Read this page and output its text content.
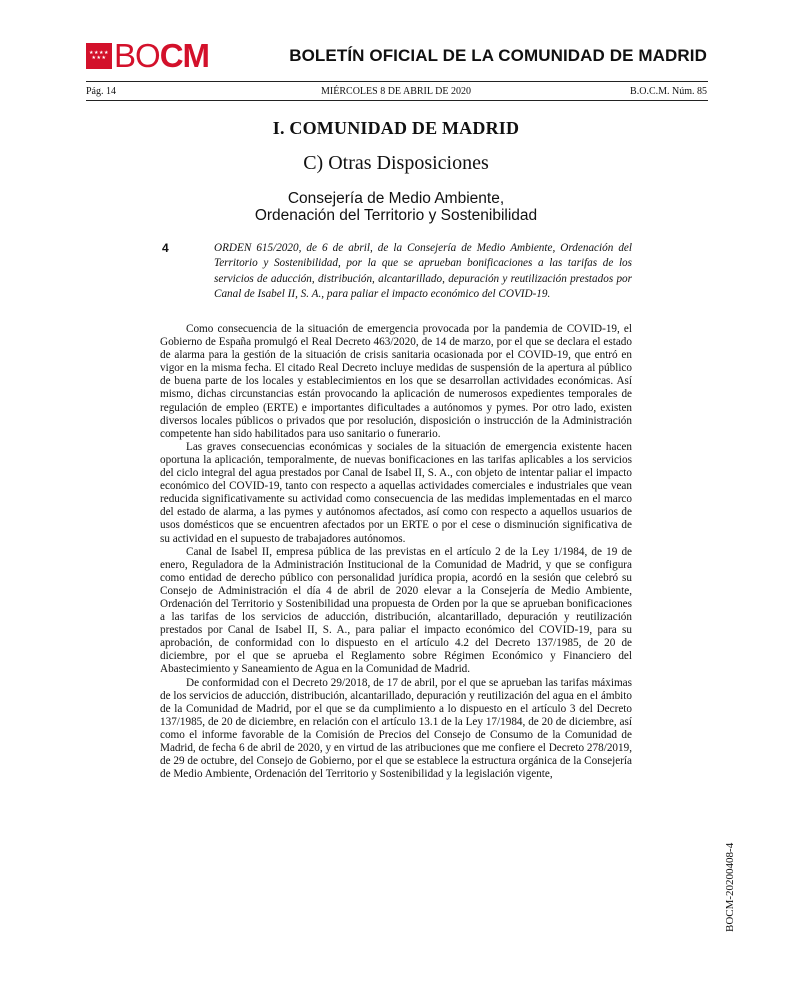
★★★★ ★★★ BOCM	BOLETÍN OFICIAL DE LA COMUNIDAD DE MADRID
Pág. 14	MIÉRCOLES 8 DE ABRIL DE 2020	B.O.C.M. Núm. 85
I. COMUNIDAD DE MADRID
C) Otras Disposiciones
Consejería de Medio Ambiente,
Ordenación del Territorio y Sostenibilidad
4	ORDEN 615/2020, de 6 de abril, de la Consejería de Medio Ambiente, Ordenación del Territorio y Sostenibilidad, por la que se aprueban bonificaciones a las tarifas de los servicios de aducción, distribución, alcantarillado, depuración y reutilización prestados por Canal de Isabel II, S. A., para paliar el impacto económico del COVID-19.

Como consecuencia de la situación de emergencia provocada por la pandemia de COVID-19, el Gobierno de España promulgó el Real Decreto 463/2020, de 14 de marzo, por el que se declara el estado de alarma para la gestión de la situación de crisis sanitaria ocasionada por el COVID-19, que entró en vigor en la misma fecha. El citado Real Decreto incluye medidas de suspensión de la apertura al público de buena parte de los locales y establecimientos en los que se desarrollan actividades económicas. Así mismo, dichas circunstancias están provocando la aplicación de numerosos expedientes temporales de regulación de empleo (ERTE) e importantes dificultades a autónomos y pymes. Por otro lado, existen diversos locales públicos o privados que por resolución, disposición o instrucción de la Administración competente han sido habilitados para uso sanitario o funerario.

Las graves consecuencias económicas y sociales de la situación de emergencia existente hacen oportuna la aplicación, temporalmente, de nuevas bonificaciones en las tarifas aplicables a los servicios del ciclo integral del agua prestados por Canal de Isabel II, S. A., con objeto de intentar paliar el impacto económico del COVID-19, tanto con respecto a aquellas actividades comerciales e industriales que vean reducida significativamente su actividad como consecuencia de las medidas implementadas en el marco del estado de alarma, a las pymes y autónomos afectados, así como con respecto a aquellos usuarios de usos domésticos que se encuentren afectados por un ERTE o por el cese o disminución significativa de su actividad en el supuesto de trabajadores autónomos.

Canal de Isabel II, empresa pública de las previstas en el artículo 2 de la Ley 1/1984, de 19 de enero, Reguladora de la Administración Institucional de la Comunidad de Madrid, y que se configura como entidad de derecho público con personalidad jurídica propia, acordó en la sesión que celebró su Consejo de Administración el día 4 de abril de 2020 elevar a la Consejería de Medio Ambiente, Ordenación del Territorio y Sostenibilidad una propuesta de Orden por la que se aprueban bonificaciones a las tarifas de los servicios de aducción, distribución, alcantarillado, depuración y reutilización prestados por Canal de Isabel II, S. A., para paliar el impacto económico del COVID-19, para su aprobación, de conformidad con lo dispuesto en el artículo 4.2 del Decreto 137/1985, de 20 de diciembre, por el que se aprueba el Reglamento sobre Régimen Económico y Financiero del Abastecimiento y Saneamiento de Agua en la Comunidad de Madrid.

De conformidad con el Decreto 29/2018, de 17 de abril, por el que se aprueban las tarifas máximas de los servicios de aducción, distribución, alcantarillado, depuración y reutilización del agua en el ámbito de la Comunidad de Madrid, por el que se da cumplimiento a lo dispuesto en el artículo 3 del Decreto 137/1985, de 20 de diciembre, en relación con el artículo 13.1 de la Ley 17/1984, de 20 de diciembre, así como el informe favorable de la Comisión de Precios del Consejo de Consumo de la Comunidad de Madrid, de fecha 6 de abril de 2020, y en virtud de las atribuciones que me confiere el Decreto 278/2019, de 29 de octubre, del Consejo de Gobierno, por el que se establece la estructura orgánica de la Consejería de Medio Ambiente, Ordenación del Territorio y Sostenibilidad y la legislación vigente,

BOCM-20200408-4
